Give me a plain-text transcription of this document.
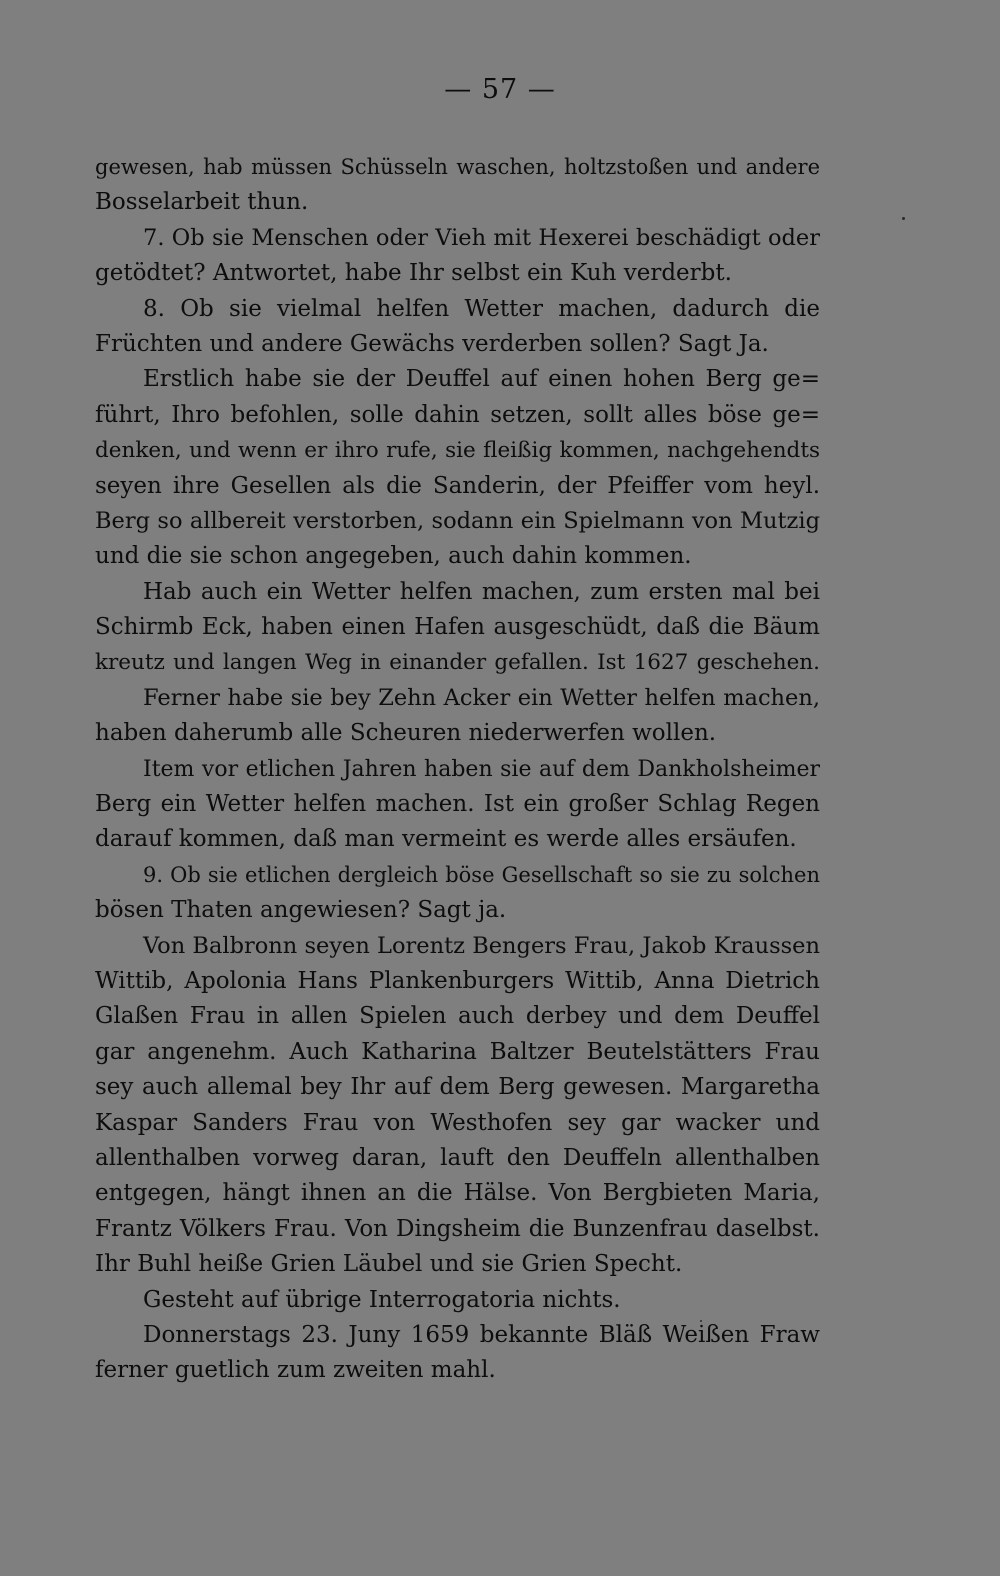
— 57 —
gewesen, hab müssen Schüsseln waschen, holtzstoßen und andere
Bosselarbeit thun.
7. Ob sie Menschen oder Vieh mit Hexerei beschädigt oder
getödtet? Antwortet, habe Ihr selbst ein Kuh verderbt.
8. Ob sie vielmal helfen Wetter machen, dadurch die
Früchten und andere Gewächs verderben sollen? Sagt Ja.
Erstlich habe sie der Deuffel auf einen hohen Berg ge=
führt, Ihro befohlen, solle dahin setzen, sollt alles böse ge=
denken, und wenn er ihro rufe, sie fleißig kommen, nachgehendts
seyen ihre Gesellen als die Sanderin, der Pfeiffer vom heyl.
Berg so allbereit verstorben, sodann ein Spielmann von Mutzig
und die sie schon angegeben, auch dahin kommen.
Hab auch ein Wetter helfen machen, zum ersten mal bei
Schirmb Eck, haben einen Hafen ausgeschüdt, daß die Bäum
kreutz und langen Weg in einander gefallen. Ist 1627 geschehen.
Ferner habe sie bey Zehn Acker ein Wetter helfen machen,
haben daherumb alle Scheuren niederwerfen wollen.
Item vor etlichen Jahren haben sie auf dem Dankholsheimer
Berg ein Wetter helfen machen. Ist ein großer Schlag Regen
darauf kommen, daß man vermeint es werde alles ersäufen.
9. Ob sie etlichen dergleich böse Gesellschaft so sie zu solchen
bösen Thaten angewiesen? Sagt ja.
Von Balbronn seyen Lorentz Bengers Frau, Jakob Kraussen
Wittib, Apolonia Hans Plankenburgers Wittib, Anna Dietrich
Glaßen Frau in allen Spielen auch derbey und dem Deuffel
gar angenehm. Auch Katharina Baltzer Beutelstätters Frau
sey auch allemal bey Ihr auf dem Berg gewesen. Margaretha
Kaspar Sanders Frau von Westhofen sey gar wacker und
allenthalben vorweg daran, lauft den Deuffeln allenthalben
entgegen, hängt ihnen an die Hälse. Von Bergbieten Maria,
Frantz Völkers Frau. Von Dingsheim die Bunzenfrau daselbst.
Ihr Buhl heiße Grien Läubel und sie Grien Specht.
Gesteht auf übrige Interrogatoria nichts.
Donnerstags 23. Juny 1659 bekannte Bläß Weißen Fraw
ferner guetlich zum zweiten mahl.
